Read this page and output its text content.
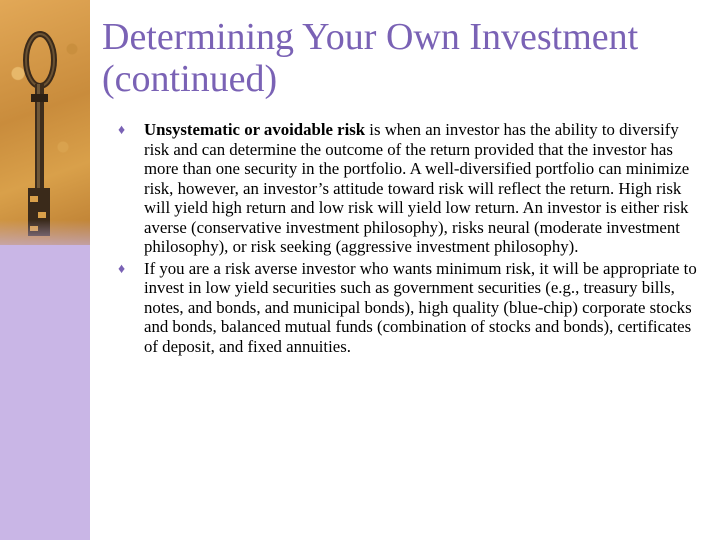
Determining Your Own Investment
(continued)
♦ Unsystematic or avoidable risk is when an investor has the ability to diversify risk and can determine the outcome of the return provided that the investor has more than one security in the portfolio. A well-diversified portfolio can minimize risk, however, an investor’s attitude toward risk will reflect the return. High risk will yield high return and low risk will yield low return. An investor is either risk averse (conservative investment philosophy), risks neural (moderate investment philosophy), or risk seeking (aggressive investment philosophy).
♦ If you are a risk averse investor who wants minimum risk, it will be appropriate to invest in low yield securities such as government securities (e.g., treasury bills, notes, and bonds, and municipal bonds), high quality (blue-chip) corporate stocks and bonds, balanced mutual funds (combination of stocks and bonds), certificates of deposit, and fixed annuities.
